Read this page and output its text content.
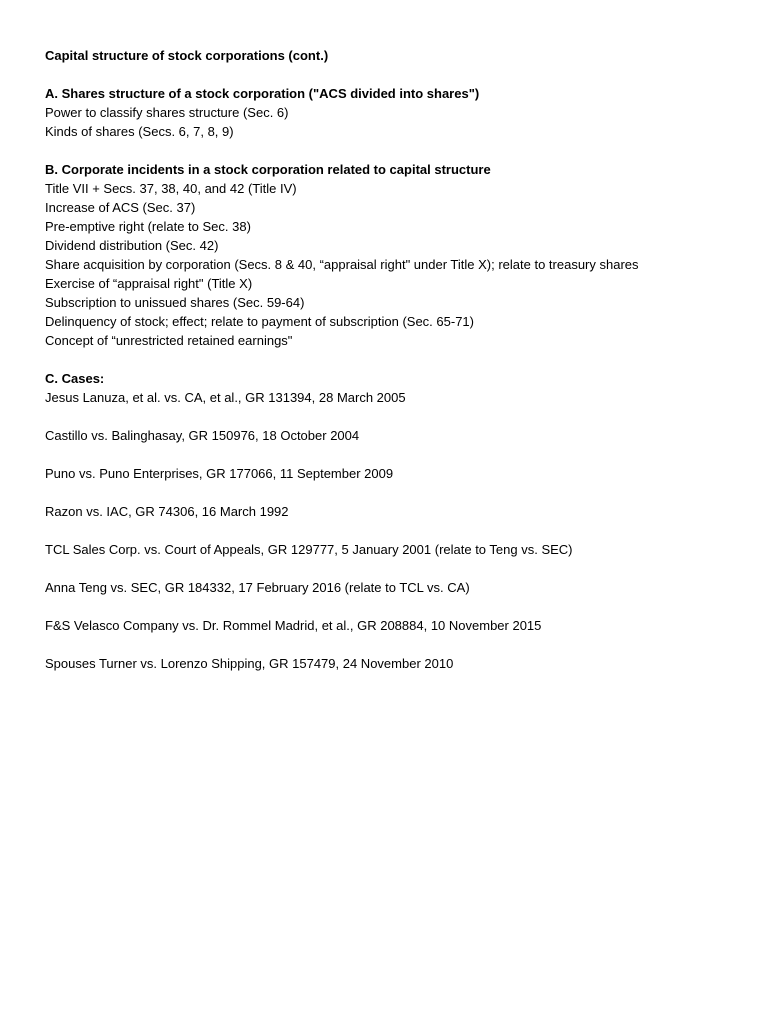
Capital structure of stock corporations (cont.)
A. Shares structure of a stock corporation ("ACS divided into shares")
Power to classify shares structure (Sec. 6)
Kinds of shares (Secs. 6, 7, 8, 9)
B. Corporate incidents in a stock corporation related to capital structure
Title VII + Secs. 37, 38, 40, and 42 (Title IV)
Increase of ACS (Sec. 37)
Pre-emptive right (relate to Sec. 38)
Dividend distribution (Sec. 42)
Share acquisition by corporation (Secs. 8 & 40, “appraisal right" under Title X); relate to treasury shares
Exercise of “appraisal right" (Title X)
Subscription to unissued shares (Sec. 59-64)
Delinquency of stock; effect; relate to payment of subscription (Sec. 65-71)
Concept of “unrestricted retained earnings"
C. Cases:
Jesus Lanuza, et al. vs. CA, et al., GR 131394, 28 March 2005
Castillo vs. Balinghasay, GR 150976, 18 October 2004
Puno vs. Puno Enterprises, GR 177066, 11 September 2009
Razon vs. IAC, GR 74306, 16 March 1992
TCL Sales Corp. vs. Court of Appeals, GR 129777, 5 January 2001 (relate to Teng vs. SEC)
Anna Teng vs. SEC, GR 184332, 17 February 2016 (relate to TCL vs. CA)
F&S Velasco Company vs. Dr. Rommel Madrid, et al., GR 208884, 10 November 2015
Spouses Turner vs. Lorenzo Shipping, GR 157479, 24 November 2010
